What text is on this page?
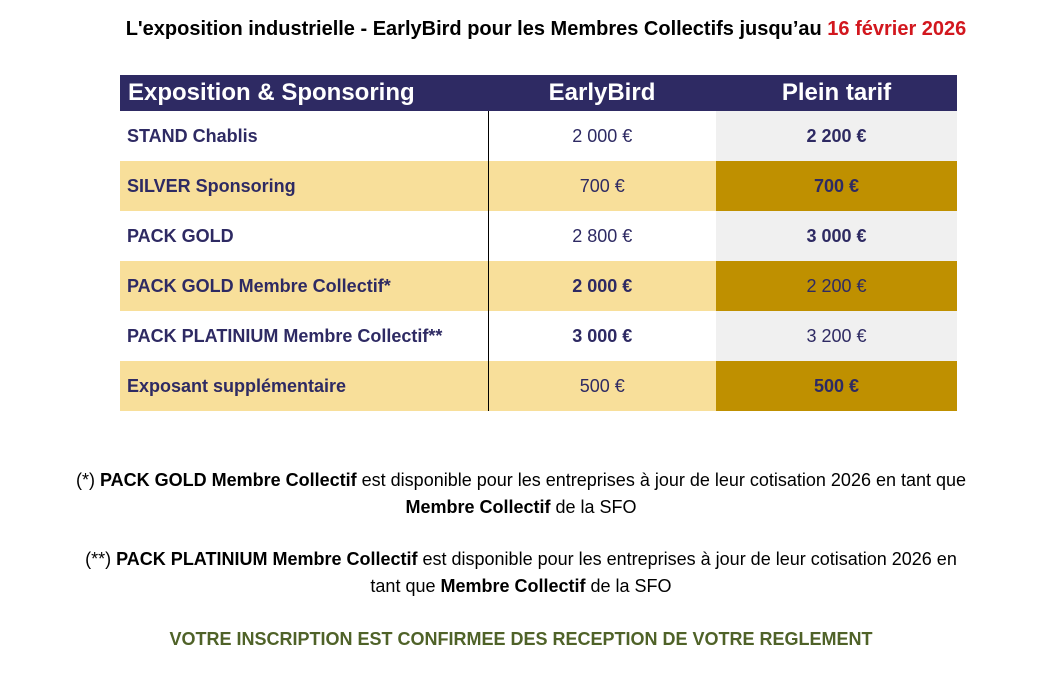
L'exposition industrielle - EarlyBird pour les Membres Collectifs jusqu’au 16 février 2026
Exposition & Sponsoring	EarlyBird	Plein tarif
STAND Chablis	2 000 €	2 200 €
SILVER Sponsoring	700 €	700 €
PACK GOLD	2 800 €	3 000 €
PACK GOLD Membre Collectif*	2 000 €	2 200 €
PACK PLATINIUM Membre Collectif**	3 000 €	3 200 €
Exposant supplémentaire	500 €	500 €
(*) PACK GOLD Membre Collectif est disponible pour les entreprises à jour de leur cotisation 2026 en tant que
Membre Collectif de la SFO
(**) PACK PLATINIUM Membre Collectif est disponible pour les entreprises à jour de leur cotisation 2026 en
tant que Membre Collectif de la SFO
VOTRE INSCRIPTION EST CONFIRMEE DES RECEPTION DE VOTRE REGLEMENT
